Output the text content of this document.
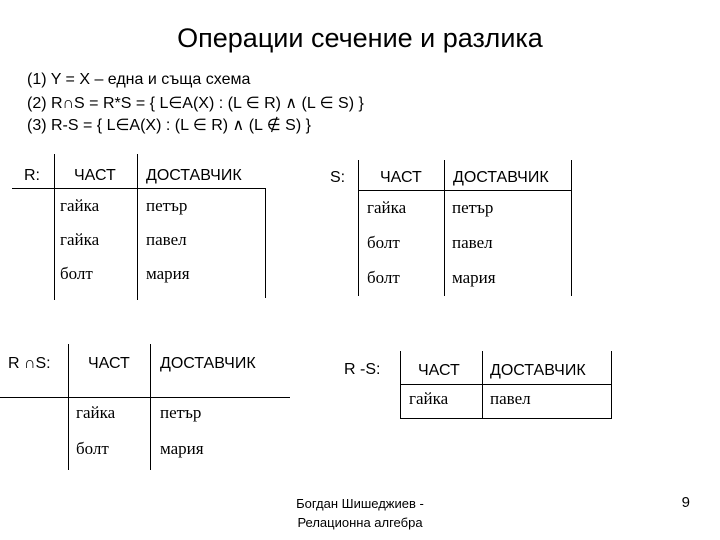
Операции сечение и разлика
(1) Y = X – една и съща схема
(2) R∩S = R*S = { L∈A(X) : (L ∈ R) ∧ (L ∈ S) }
(3) R-S = { L∈A(X) : (L ∈ R) ∧ (L ∉ S) }
R: ЧАСТ ДОСТАВЧИК
гайка	петър
гайка	павел
болт	мария
S: ЧАСТ ДОСТАВЧИК
гайка	петър
болт	павел
болт	мария
R ∩S: ЧАСТ ДОСТАВЧИК
гайка	петър
болт	мария
R -S: ЧАСТ ДОСТАВЧИК
гайка павел
Богдан Шишеджиев -
Релационна алгебра
9
